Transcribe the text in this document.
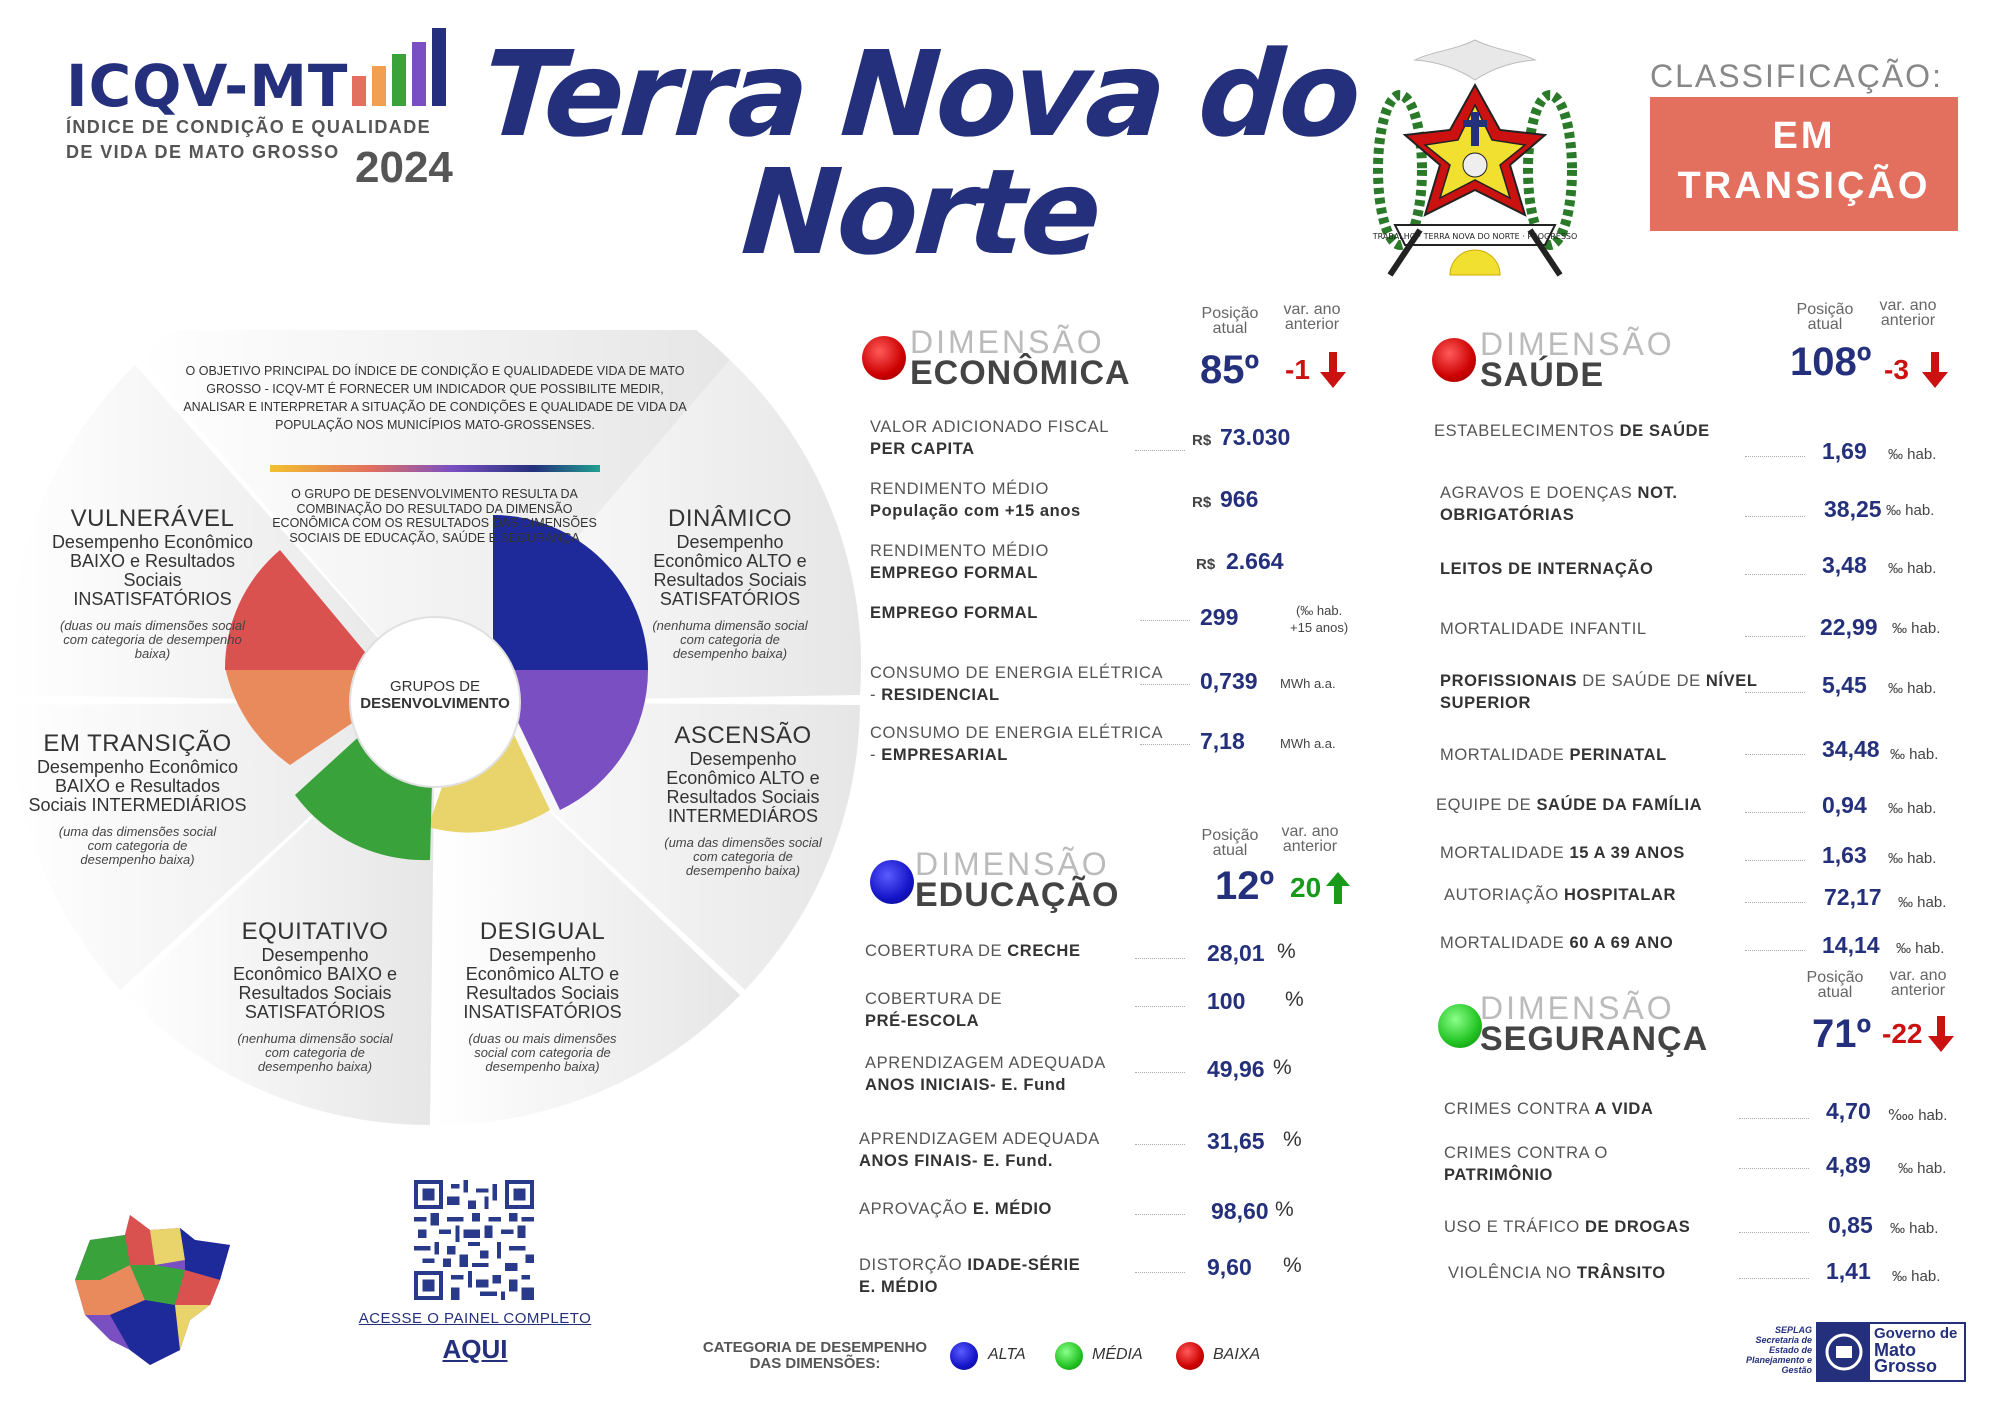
ICQV-MT
ÍNDICE DE CONDIÇÃO E QUALIDADE
DE VIDA DE MATO GROSSO 2024
Terra Nova do
Norte	TRABALHO · TERRA NOVA DO NORTE · PROGRESSO
CLASSIFICAÇÃO:
EM
TRANSIÇÃO
O OBJETIVO PRINCIPAL DO ÍNDICE DE CONDIÇÃO E QUALIDADEDE VIDA DE MATO GROSSO - ICQV-MT É FORNECER UM INDICADOR QUE POSSIBILITE MEDIR, ANALISAR E INTERPRETAR A SITUAÇÃO DE CONDIÇÕES E QUALIDADE DE VIDA DA POPULAÇÃO NOS MUNICÍPIOS MATO-GROSSENSES.
O GRUPO DE DESENVOLVIMENTO RESULTA DA COMBINAÇÃO DO RESULTADO DA DIMENSÃO ECONÔMICA COM OS RESULTADOS DAS DIMENSÕES SOCIAIS DE EDUCAÇÃO, SAÚDE E SEGURANÇA
GRUPOS DE
DESENVOLVIMENTO
VULNERÁVEL
Desempenho Econômico BAIXO e Resultados Sociais INSATISFATÓRIOS
(duas ou mais dimensões social com categoria de desempenho baixa)
DINÂMICO
Desempenho Econômico ALTO e Resultados Sociais SATISFATÓRIOS
(nenhuma dimensão social com categoria de desempenho baixa)
EM TRANSIÇÃO
Desempenho Econômico BAIXO e Resultados Sociais INTERMEDIÁRIOS
(uma das dimensões social com categoria de desempenho baixa)
ASCENSÃO
Desempenho Econômico ALTO e Resultados Sociais INTERMEDIÁROS
(uma das dimensões social com categoria de desempenho baixa)
EQUITATIVO
Desempenho Econômico BAIXO e Resultados Sociais SATISFATÓRIOS
(nenhuma dimensão social com categoria de desempenho baixa)
DESIGUAL
Desempenho Econômico ALTO e Resultados Sociais INSATISFATÓRIOS
(duas ou mais dimensões social com categoria de desempenho baixa)
DIMENSÃO
ECONÔMICA
Posição
atual
var. ano
anterior
85º -1
VALOR ADICIONADO FISCAL
PER CAPITA	R$ 73.030
RENDIMENTO MÉDIO
População com +15 anos	R$ 966
RENDIMENTO MÉDIO
EMPREGO FORMAL	R$ 2.664
EMPREGO FORMAL	299	(‰ hab.
+15 anos)
CONSUMO DE ENERGIA ELÉTRICA
- RESIDENCIAL
0,739 MWh a.a.
CONSUMO DE ENERGIA ELÉTRICA
- EMPRESARIAL
7,18	MWh a.a.
DIMENSÃO
EDUCAÇÃO
Posição
atual
var. ano
anterior
12º 20
COBERTURA DE CRECHE	28,01 %
COBERTURA DE
PRÉ-ESCOLA
100 %
APRENDIZAGEM ADEQUADA
ANOS INICIAIS- E. Fund
49,96 %
APRENDIZAGEM ADEQUADA
ANOS FINAIS- E. Fund.
31,65 %
APROVAÇÃO E. MÉDIO	98,60 %
DISTORÇÃO IDADE-SÉRIE
E. MÉDIO
9,60 %
DIMENSÃO
SAÚDE
Posição
atual
var. ano
anterior
108º -3
ESTABELECIMENTOS DE SAÚDE
1,69 ‰ hab.
AGRAVOS E DOENÇAS NOT.
OBRIGATÓRIAS	38,25 ‰ hab.
LEITOS DE INTERNAÇÃO	3,48 ‰ hab.
MORTALIDADE INFANTIL	22,99 ‰ hab.
PROFISSIONAIS DE SAÚDE DE NÍVEL
SUPERIOR
5,45 ‰ hab.
MORTALIDADE PERINATAL	34,48 ‰ hab.
EQUIPE DE SAÚDE DA FAMÍLIA	0,94 ‰ hab.
MORTALIDADE 15 A 39 ANOS	1,63 ‰ hab.
AUTORIAÇÃO HOSPITALAR	72,17 ‰ hab.
MORTALIDADE 60 A 69 ANO	14,14 ‰ hab.
DIMENSÃO
SEGURANÇA
Posição
atual
var. ano
anterior
71º -22
CRIMES CONTRA A VIDA	4,70 ‱ hab.
CRIMES CONTRA O
PATRIMÔNIO	4,89 ‰ hab.
USO E TRÁFICO DE DROGAS	0,85 ‰ hab.
VIOLÊNCIA NO TRÂNSITO	1,41 ‰ hab.
ACESSE O PAINEL COMPLETO
AQUI	CATEGORIA DE DESEMPENHO
DAS DIMENSÕES:
ALTA	MÉDIA	BAIXA
SEPLAG Secretaria de Estado de Planejamento e Gestão
Governo de
Mato
Grosso
